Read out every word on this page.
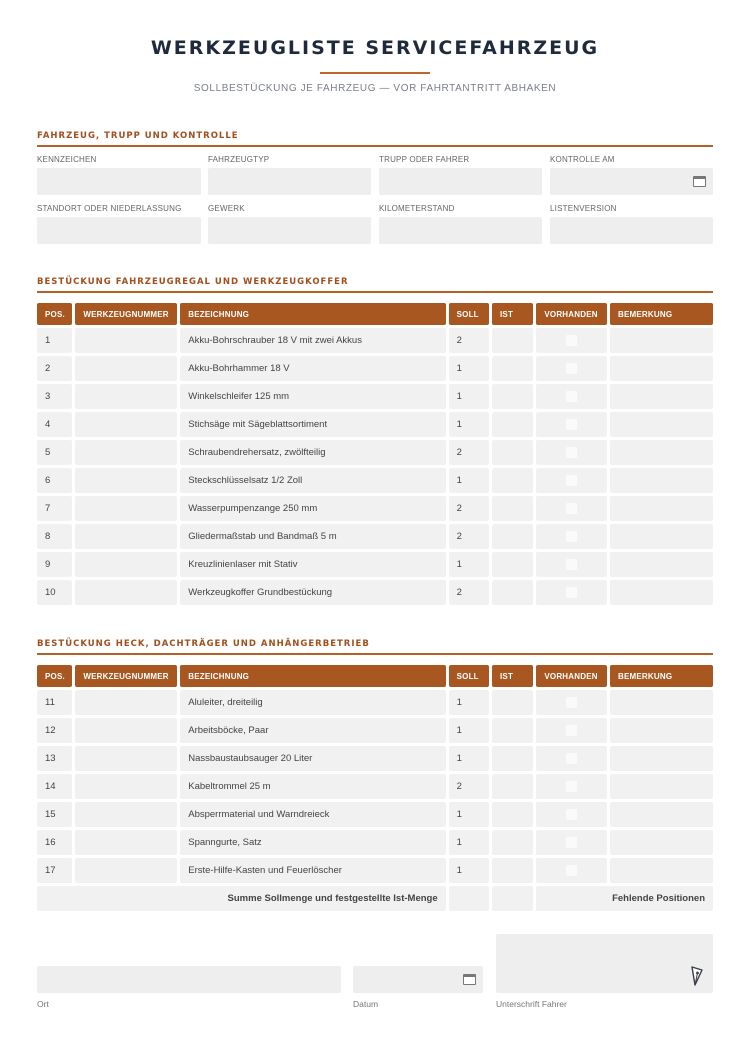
WERKZEUGLISTE SERVICEFAHRZEUG
SOLLBESTÜCKUNG JE FAHRZEUG — VOR FAHRTANTRITT ABHAKEN
FAHRZEUG, TRUPP UND KONTROLLE
KENNZEICHEN	FAHRZEUGTYP	TRUPP ODER FAHRER	KONTROLLE AM
STANDORT ODER NIEDERLASSUNG	GEWERK	KILOMETERSTAND	LISTENVERSION
BESTÜCKUNG FAHRZEUGREGAL UND WERKZEUGKOFFER
POS.	WERKZEUGNUMMER	BEZEICHNUNG	SOLL	IST	VORHANDEN	BEMERKUNG
1		Akku-Bohrschrauber 18 V mit zwei Akkus	2		

2		Akku-Bohrhammer 18 V	1		

3		Winkelschleifer 125 mm	1		

4		Stichsäge mit Sägeblattsortiment	1		

5		Schraubendrehersatz, zwölfteilig	2		

6		Steckschlüsselsatz 1/2 Zoll	1		

7		Wasserpumpenzange 250 mm	2		

8		Gliedermaßstab und Bandmaß 5 m	2		

9		Kreuzlinienlaser mit Stativ	1		

10		Werkzeugkoffer Grundbestückung	2		

BESTÜCKUNG HECK, DACHTRÄGER UND ANHÄNGERBETRIEB
POS.	WERKZEUGNUMMER	BEZEICHNUNG	SOLL	IST	VORHANDEN	BEMERKUNG
11		Aluleiter, dreiteilig	1		

12		Arbeitsböcke, Paar	1		

13		Nassbaustaubsauger 20 Liter	1		

14		Kabeltrommel 25 m	2		

15		Absperrmaterial und Warndreieck	1		

16		Spanngurte, Satz	1		

17		Erste-Hilfe-Kasten und Feuerlöscher	1		

Summe Sollmenge und festgestellte Ist-Menge					Fehlende Positionen	
Ort	Datum	Unterschrift Fahrer
